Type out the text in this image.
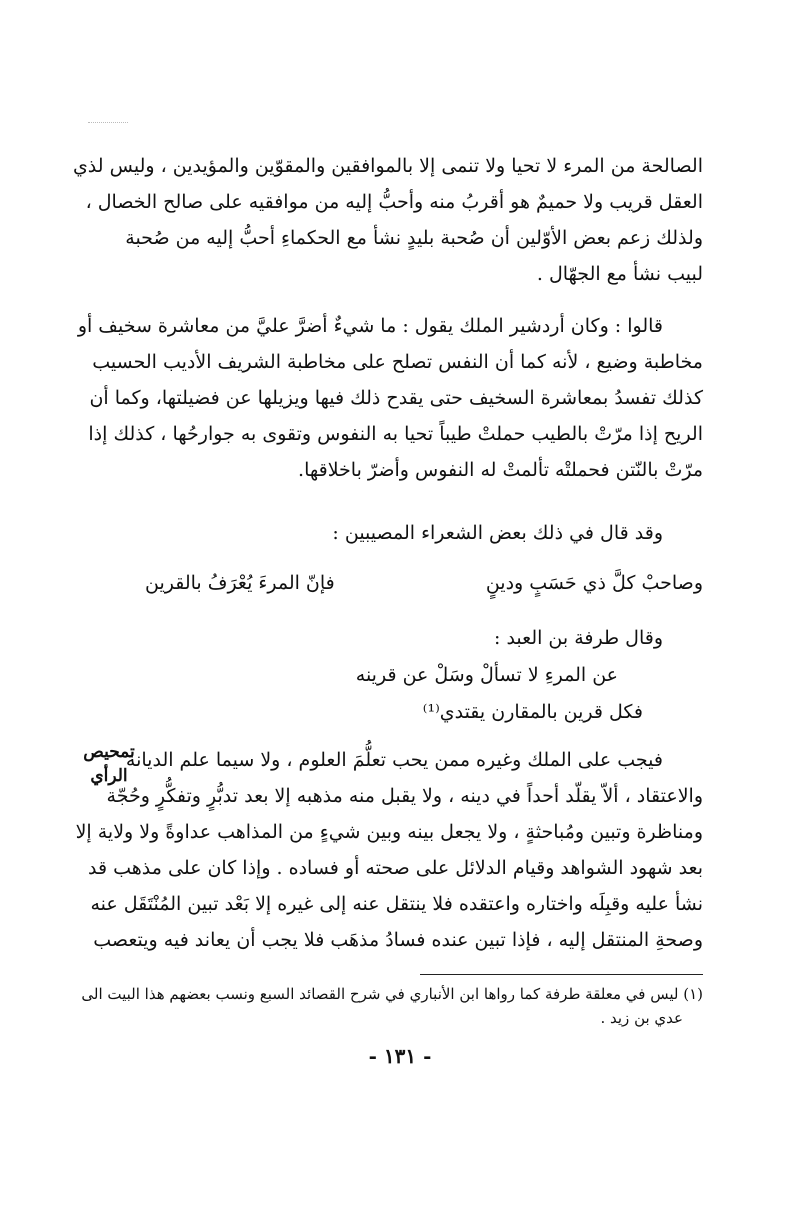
الصالحة من المرء لا تحيا ولا تنمى إلا بالموافقين والمقوّين والمؤيدين ، وليس لذي
العقل قريب ولا حميمٌ هو أقربُ منه وأحبُّ إليه من موافقيه على صالح الخصال ،
ولذلك زعم بعض الأوّلين أن صُحبة بليدٍ نشأ مع الحكماءِ أحبُّ إليه من صُحبة
لبيب نشأ مع الجهّال .
قالوا : وكان أردشير الملك يقول : ما شيءٌ أضرَّ عليَّ من معاشرة سخيف أو
مخاطبة وضيع ، لأنه كما أن النفس تصلح على مخاطبة الشريف الأديب الحسيب
كذلك تفسدُ بمعاشرة السخيف حتى يقدح ذلك فيها ويزيلها عن فضيلتها، وكما أن
الريح إذا مرّتْ بالطيب حملتْ طيباً تحيا به النفوس وتقوى به جوارحُها ، كذلك إذا
مرّتْ بالنّتن فحملتْه تألمتْ له النفوس وأضرّ باخلاقها.
وقد قال في ذلك بعض الشعراء المصيبين :
وصاحبْ كلَّ ذي حَسَبٍ ودينٍ
فإنّ المرءَ يُعْرَفُ بالقرين
وقال طرفة بن العبد :
عن المرءِ لا تسألْ وسَلْ عن قرينه
فكل قرين بالمقارن يقتدي⁽¹⁾
تمحيص
الرأي
فيجب على الملك وغيره ممن يحب تعلُّمَ العلوم ، ولا سيما علم الديانة
والاعتقاد ، ألاّ يقلّد أحداً في دينه ، ولا يقبل منه مذهبه إلا بعد تدبُّرٍ وتفكُّرٍ وحُجّة
ومناظرة وتبين ومُباحثةٍ ، ولا يجعل بينه وبين شيءٍ من المذاهب عداوةً ولا ولاية إلا
بعد شهود الشواهد وقيام الدلائل على صحته أو فساده . وإذا كان على مذهب قد
نشأ عليه وقبِلَه واختاره واعتقده فلا ينتقل عنه إلى غيره إلا بَعْد تبين المُنْتَقَل عنه
وصحةِ المنتقل إليه ، فإذا تبين عنده فسادُ مذهَب فلا يجب أن يعاند فيه ويتعصب
(١) ليس في معلقة طرفة كما رواها ابن الأنباري في شرح القصائد السبع ونسب بعضهم هذا البيت الى
عدي بن زيد .
- ١٣١ -
